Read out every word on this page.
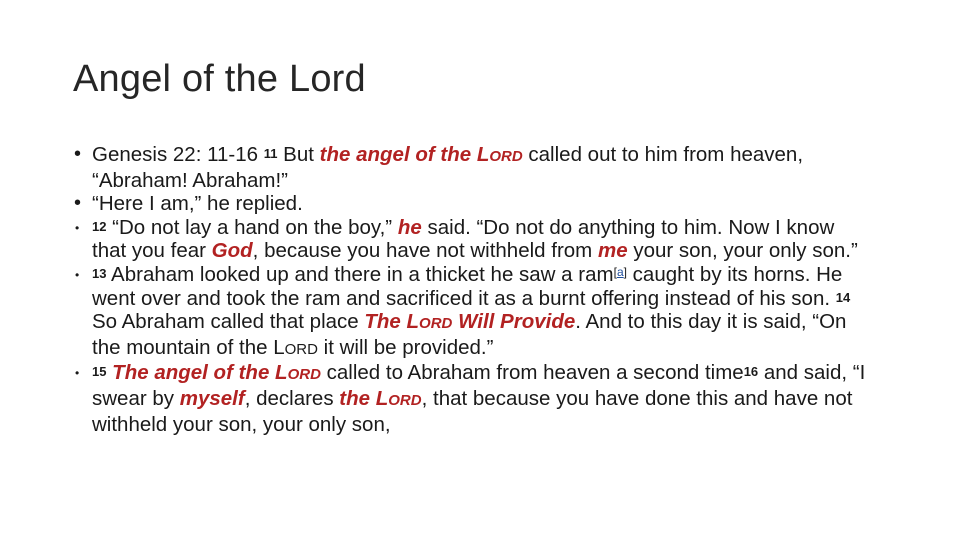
Angel of the Lord
• Genesis 22: 11-16 $^{11}$ But the angel of the LORD called out to him from heaven, “Abraham! Abraham!”
• “Here I am,” he replied.
• $^{12}$ “Do not lay a hand on the boy,” he said. “Do not do anything to him. Now I know that you fear God, because you have not withheld from me your son, your only son.”
• $^{13}$ Abraham looked up and there in a thicket he saw a ram[a] caught by its horns. He went over and took the ram and sacrificed it as a burnt offering instead of his son. $^{14}$ So Abraham called that place The LORD Will Provide. And to this day it is said, “On the mountain of the LORD it will be provided.”
• $^{15}$ The angel of the LORD called to Abraham from heaven a second time$^{16}$ and said, “I swear by myself, declares the LORD, that because you have done this and have not withheld your son, your only son,
